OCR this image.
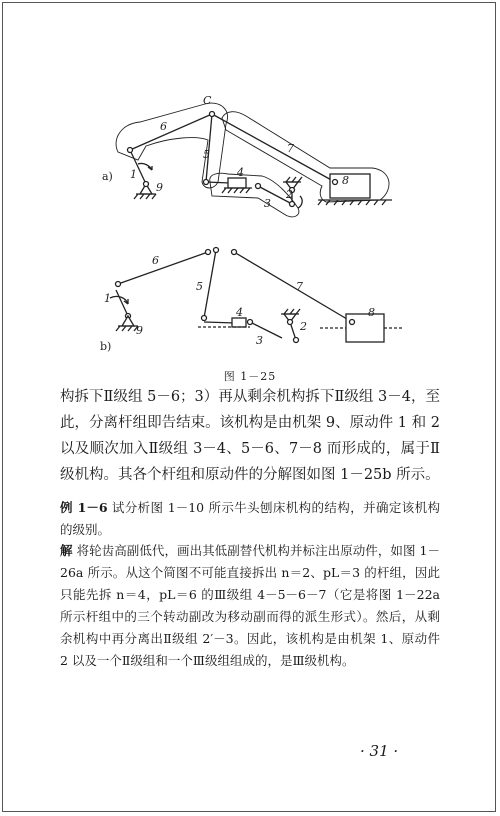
a)
C
6
5	7
1
9
4
2
3
8
b)
6
5	7
1
9
4
2
3
8
图 1－25

构拆下Ⅱ级组 5－6；3）再从剩余机构拆下Ⅱ级组 3－4，至此，分离杆组即告结束。该机构是由机架 9、原动件 1 和 2 以及顺次加入Ⅱ级组 3－4、5－6、7－8 而形成的，属于Ⅱ级机构。其各个杆组和原动件的分解图如图 1－25b 所示。

例 1－6 试分析图 1－10 所示牛头刨床机构的结构，并确定该机构的级别。

解 将轮齿高副低代，画出其低副替代机构并标注出原动件，如图 1－26a 所示。从这个简图不可能直接拆出 n＝2、pL＝3 的杆组，因此只能先拆 n＝4，pL＝6 的Ⅲ级组 4－5－6－7（它是将图 1－22a 所示杆组中的三个转动副改为移动副而得的派生形式）。然后，从剩余机构中再分离出Ⅱ级组 2′－3。因此，该机构是由机架 1、原动件 2 以及一个Ⅱ级组和一个Ⅲ级组组成的，是Ⅲ级机构。

· 31 ·
